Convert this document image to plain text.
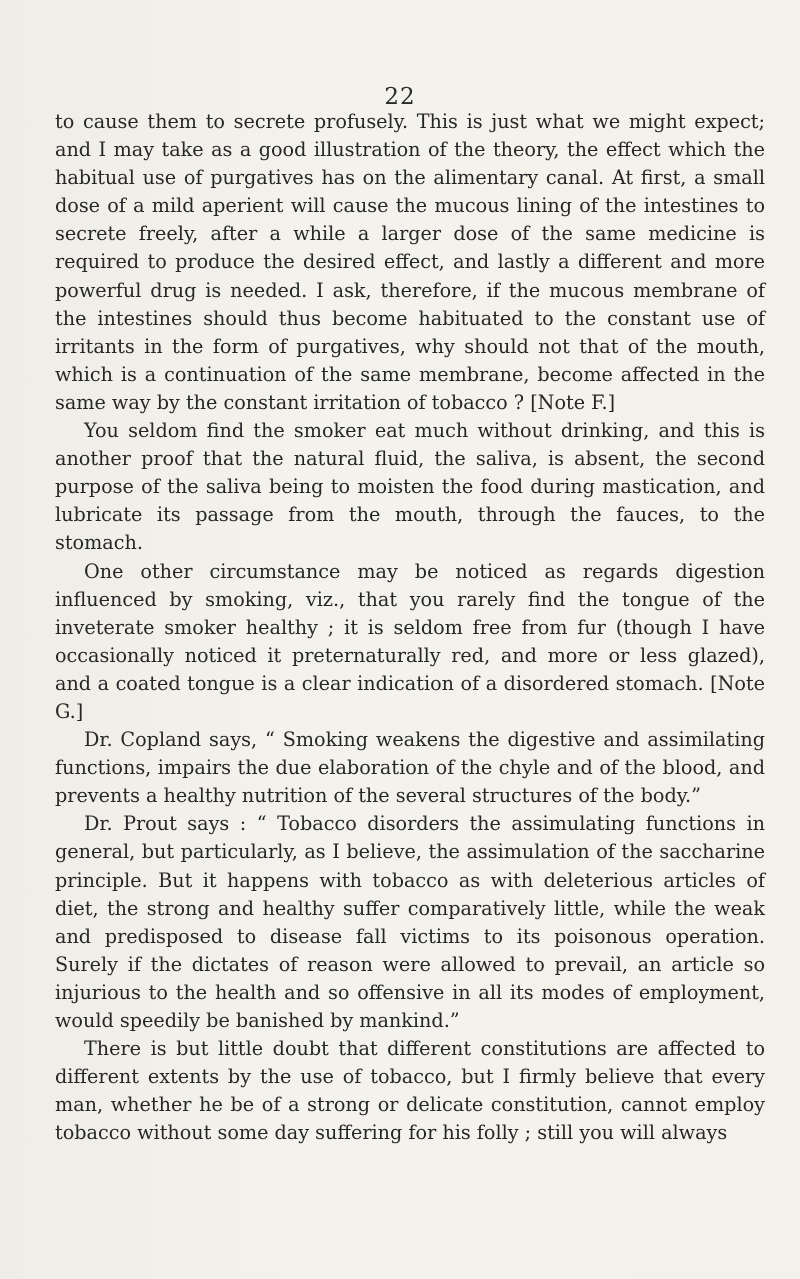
22

to cause them to secrete profusely. This is just what we might expect; and I may take as a good illustration of the theory, the effect which the habitual use of purgatives has on the alimentary canal. At first, a small dose of a mild aperient will cause the mucous lining of the intestines to secrete freely, after a while a larger dose of the same medicine is required to produce the desired effect, and lastly a different and more powerful drug is needed. I ask, therefore, if the mucous membrane of the intestines should thus become habituated to the constant use of irritants in the form of purgatives, why should not that of the mouth, which is a continuation of the same membrane, become affected in the same way by the constant irritation of tobacco ? [Note F.]

You seldom find the smoker eat much without drinking, and this is another proof that the natural fluid, the saliva, is absent, the second purpose of the saliva being to moisten the food during mastication, and lubricate its passage from the mouth, through the fauces, to the stomach.

One other circumstance may be noticed as regards digestion influenced by smoking, viz., that you rarely find the tongue of the inveterate smoker healthy ; it is seldom free from fur (though I have occasionally noticed it preternaturally red, and more or less glazed), and a coated tongue is a clear indication of a disordered stomach. [Note G.]

Dr. Copland says, “ Smoking weakens the digestive and assimilating functions, impairs the due elaboration of the chyle and of the blood, and prevents a healthy nutrition of the several structures of the body.”

Dr. Prout says : “ Tobacco disorders the assimulating functions in general, but particularly, as I believe, the assimulation of the saccharine principle. But it happens with tobacco as with deleterious articles of diet, the strong and healthy suffer comparatively little, while the weak and predisposed to disease fall victims to its poisonous operation. Surely if the dictates of reason were allowed to prevail, an article so injurious to the health and so offensive in all its modes of employment, would speedily be banished by mankind.”

There is but little doubt that different constitutions are affected to different extents by the use of tobacco, but I firmly believe that every man, whether he be of a strong or delicate constitution, cannot employ tobacco without some day suffering for his folly ; still you will always
